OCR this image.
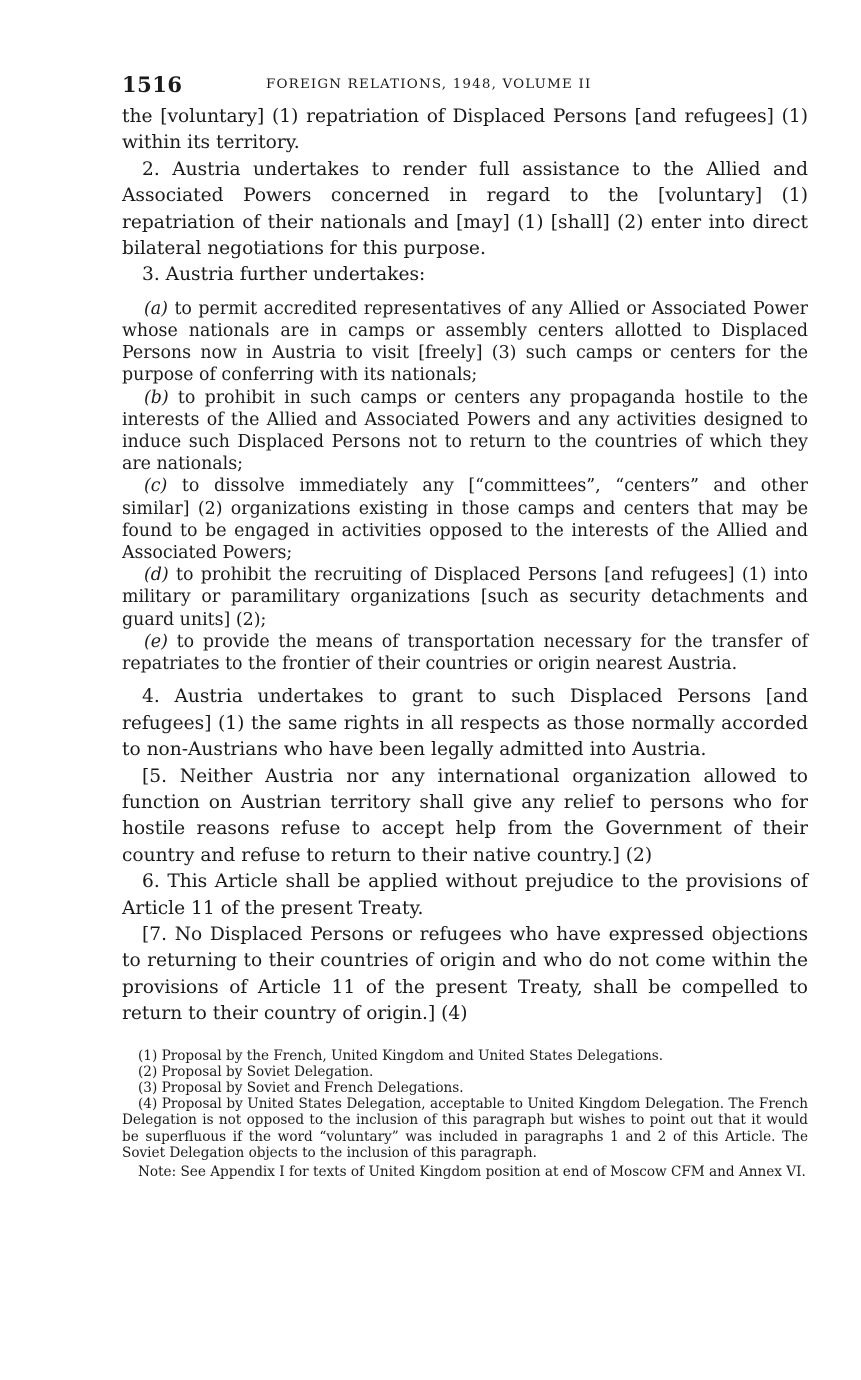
1516	FOREIGN RELATIONS, 1948, VOLUME II

the [voluntary] (1) repatriation of Displaced Persons [and refugees] (1) within its territory.

2. Austria undertakes to render full assistance to the Allied and Associated Powers concerned in regard to the [voluntary] (1) repatriation of their nationals and [may] (1) [shall] (2) enter into direct bilateral negotiations for this purpose.

3. Austria further undertakes:

(a) to permit accredited representatives of any Allied or Associated Power whose nationals are in camps or assembly centers allotted to Displaced Persons now in Austria to visit [freely] (3) such camps or centers for the purpose of conferring with its nationals;

(b) to prohibit in such camps or centers any propaganda hostile to the interests of the Allied and Associated Powers and any activities designed to induce such Displaced Persons not to return to the countries of which they are nationals;

(c) to dissolve immediately any [“committees”, “centers” and other similar] (2) organizations existing in those camps and centers that may be found to be engaged in activities opposed to the interests of the Allied and Associated Powers;

(d) to prohibit the recruiting of Displaced Persons [and refugees] (1) into military or paramilitary organizations [such as security detachments and guard units] (2);

(e) to provide the means of transportation necessary for the transfer of repatriates to the frontier of their countries or origin nearest Austria.

4. Austria undertakes to grant to such Displaced Persons [and refugees] (1) the same rights in all respects as those normally accorded to non-Austrians who have been legally admitted into Austria.

[5. Neither Austria nor any international organization allowed to function on Austrian territory shall give any relief to persons who for hostile reasons refuse to accept help from the Government of their country and refuse to return to their native country.] (2)

6. This Article shall be applied without prejudice to the provisions of Article 11 of the present Treaty.

[7. No Displaced Persons or refugees who have expressed objections to returning to their countries of origin and who do not come within the provisions of Article 11 of the present Treaty, shall be compelled to return to their country of origin.] (4)

(1) Proposal by the French, United Kingdom and United States Delegations.

(2) Proposal by Soviet Delegation.

(3) Proposal by Soviet and French Delegations.

(4) Proposal by United States Delegation, acceptable to United Kingdom Delegation. The French Delegation is not opposed to the inclusion of this paragraph but wishes to point out that it would be superfluous if the word “voluntary” was included in paragraphs 1 and 2 of this Article. The Soviet Delegation objects to the inclusion of this paragraph.

Note: See Appendix I for texts of United Kingdom position at end of Moscow CFM and Annex VI.
